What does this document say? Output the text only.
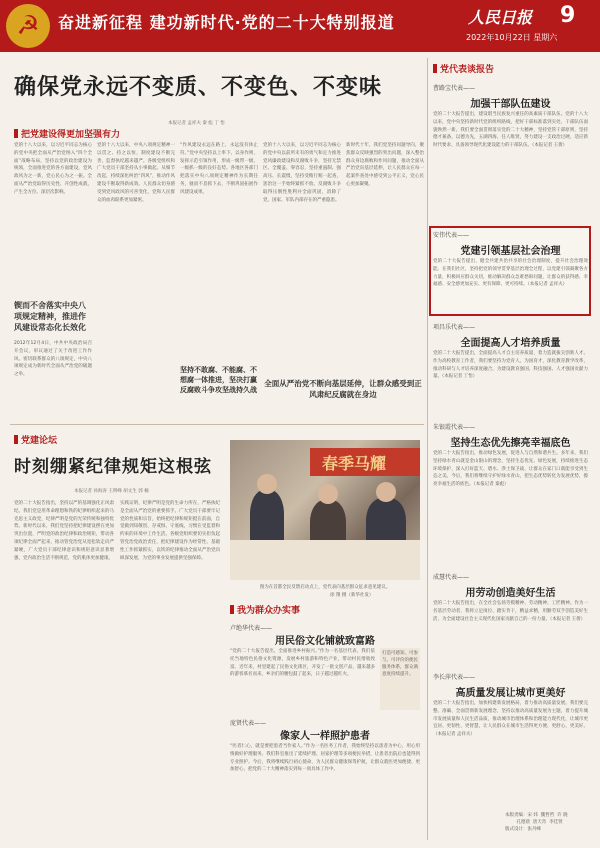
☭	奋进新征程 建功新时代·党的二十大特别报道	人民日报 9
2022年10月22日 星期六
确保党永远不变质、不变色、不变味
本报记者 孟祥夫 秦 彪 丁 怡
把党建设得更加坚强有力
党的十八大以来，以习近平同志为核心的党中央把全面从严治党纳入“四个全面”战略布局，坚持以党的政治建设为统领，全面推进党的各方面建设，党风政风为之一新，党心民心为之一振。全面从严治党取得历史性、开创性成就，产生全方位、深层次影响。
锲而不舍落实中央八项规定精神，推进作风建设常态化长效化
2012年12月4日，中共中央政治局召开会议，审议通过了关于改进工作作风、密切联系群众的八项规定，中央八项规定成为新时代全面从严治党的破题之举。
党的十八大以来，中央八项规定精神一以贯之、持之以恒，制度建设不断完善，监督执纪越来越严。各级党组织和广大党员干部坚持从小事做起、从细节改起，持续深化纠治“四风”，推动作风建设不断取得新成效。人民群众切身感受到党风政风的可喜变化，党和人民群众的血肉联系更加紧密。
“作风建设永远在路上，永远没有休止符。”党中央坚持以上率下、以身作则，发挥示范引领作用，形成一级带一级、一级抓一级的良好态势。各地区各部门把落实中央八项规定精神作为长期任务，驰而不息抓下去，不断巩固拓展作风建设成果。
党的十八大以来，以习近平同志为核心的党中央以前所未有的勇气和定力推进党风廉政建设和反腐败斗争，坚持无禁区、全覆盖、零容忍，坚持重遏制、强高压、长震慑，坚持受贿行贿一起查，惩治这一手始终紧抓不放。反腐败斗争取得压倒性胜利并全面巩固，消除了党、国家、军队内部存在的严重隐患。
新时代十年，我们党坚持问题导向，聚焦群众反映强烈的突出问题，深入整治群众身边腐败和作风问题，推动全面从严治党向基层延伸，让人民群众在每一起案件查处中感受到公平正义，党心民心更加凝聚。
坚持不敢腐、不能腐、不想腐一体推进，坚决打赢反腐败斗争攻坚战持久战
全面从严治党不断向基层延伸，让群众感受到正风肃纪反腐就在身边
党代表谈报告
曹路宝代表——
加强干部队伍建设
党的二十大报告提出，建设堪当民族复兴重任的高素质干部队伍。党的十八大以来，党中央坚持新时代党的组织路线，把好干部标准落到实处，干部队伍面貌焕然一新。我们要全面贯彻落实党的二十大精神，坚持党管干部原则，坚持德才兼备、以德为先，五湖四海、任人唯贤，努力建设一支政治过硬、适应新时代要求、具备领导现代化建设能力的干部队伍。（本报记者 王倩）
安伟代表——
党建引领基层社会治理
党的二十大报告提出，健全共建共治共享的社会治理制度，提升社会治理效能。在我们社区，坚持把党的领导贯穿基层治理全过程，以党建引领凝聚各方力量，积极回应群众关切，推动解决群众急难愁盼问题，让群众的获得感、幸福感、安全感更加充实、更有保障、更可持续。（本报记者 孟祥夫）
项昌乐代表——
全面提高人才培养质量
党的二十大报告提出，全面提高人才自主培养质量，着力造就拔尖创新人才。作为高校教育工作者，我们要坚持为党育人、为国育才，深化教育教学改革，推动科研与人才培养深度融合，为建设教育强国、科技强国、人才强国贡献力量。（本报记者 丁怡）
朱银霞代表——
坚持生态优先擦亮幸福底色
党的二十大报告指出，推动绿色发展，促进人与自然和谐共生。多年来，我们坚持绿水青山就是金山银山的理念，坚持生态优先、绿色发展，持续推进生态环境保护，深入打好蓝天、碧水、净土保卫战，让群众在家门口就能享受到生态之美。今后，我们将继续守护好绿水青山，把生态优势转化为发展优势，擦亮幸福生活的底色。（本报记者 秦彪）
成慧代表——
用劳动创造美好生活
党的二十大报告指出，在全社会弘扬劳模精神、劳动精神、工匠精神。作为一名基层劳动者，我将立足岗位、踏实肯干，精益求精，用勤劳双手创造美好生活，为全面建设社会主义现代化国家贡献自己的一份力量。（本报记者 王倩）
李长萍代表——
高质量发展让城市更美好
党的二十大报告指出，加快构建新发展格局，着力推动高质量发展。我们要完整、准确、全面贯彻新发展理念，坚持以推动高质量发展为主题，着力提升城市发展质量和人民生活品质，推动城市治理体系和治理能力现代化，让城市更宜居、更韧性、更智慧，让人民群众在城市生活得更方便、更舒心、更美好。（本报记者 孟祥夫）
本版责编：宋 炜  魏哲哲  许 晓
孔德晨  唐天奇  李佳贤
版式设计：张丹峰
党建论坛
时刻绷紧纪律规矩这根弦
本报记者 孙海涛 王明峰 胡文生 郭 楠
党的二十大报告指出，坚持以严的基调强化正风肃纪。我们党是用革命理想和铁的纪律组织起来的马克思主义政党，纪律严明是党的光荣传统和独特优势。新时代以来，我们党坚持把纪律建设摆在更加突出位置，严明党的政治纪律和政治规矩，带动各项纪律全面严起来，推动管党治党从宽松软走向严紧硬，广大党员干部纪律意识和规矩意识显著增强，党内政治生活不断规范，党的肌体更加健康。
实践证明，纪律严明是党的生命力所在，严格执纪是全面从严治党的重要抓手。广大党员干部要牢记党的性质和宗旨，始终把纪律和规矩挺在前面，自觉做到知敬畏、存戒惧、守底线，习惯在受监督和约束的环境中工作生活。各级党组织要切实担负起管党治党政治责任，把纪律建设作为经常性、基础性工作抓紧抓实，以铁的纪律推动全面从严治党向纵深发展，为党的事业发展提供坚强保障。
春季马耀
图为在首都全民反馈启动点上，党代表向基层群众征求意见建议。
徐 翔 摄（新华社发）
我为群众办实事
卢绝华代表——
用民俗文化铺就致富路
“党的二十大报告提出，全面推进乡村振兴。”作为一名基层代表，我们依托当地特色民俗文化资源，发展乡村旅游和特色产业，带动村民增收致富。近年来，村里建起了民俗文化街区，开发了一批文创产品，越来越多的游客慕名而来，乡亲们的腰包鼓了起来，日子越过越红火。
打造可感知、可参与、可评价的便民服务体系，群众满意度持续提升。
庞贤代表——
像家人一样照护患者
“医者仁心，就是要把患者当作家人。”作为一名医务工作者，我始终坚持以患者为中心，用心用情做好护理服务。我们科室推出了延续护理、居家护理等多项便民举措，让患者出院后也能得到专业照护。今后，我将继续践行初心使命，为人民群众健康保驾护航，让群众就医更加便捷、更加舒心，把党的二十大精神落实到每一项具体工作中。
